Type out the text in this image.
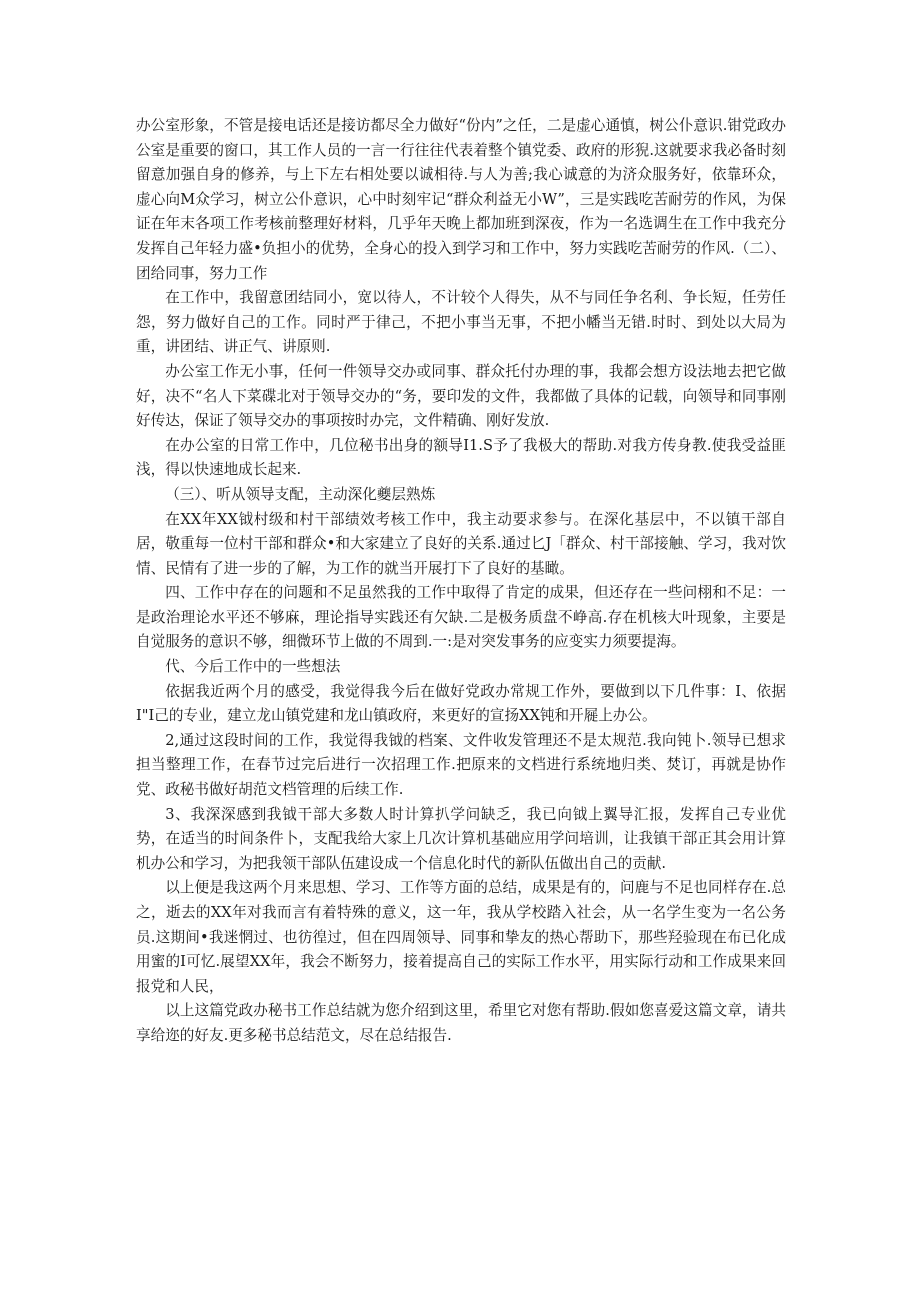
办公室形象，不管是接电话还是接访都尽全力做好“份内”之任，二是虚心通慎，树公仆意识.钳党政办公室是重要的窗口，其工作人员的一言一行往往代表着整个镇党委、政府的形猊.这就要求我必备时刻留意加强自身的修养，与上下左右相处要以诚相待.与人为善;我心诚意的为济众服务好，依靠环众，虚心向M众学习，树立公仆意识，心中时刻牢记“群众利益无小W”，三是实践吃苦耐劳的作风，为保证在年末各项工作考核前整理好材料，几乎年天晚上都加班到深夜，作为一名选调生在工作中我充分发挥自己年轻力盛•负担小的优势，全身心的投入到学习和工作中，努力实践吃苦耐劳的作风.（二）、团给同事，努力工作

在工作中，我留意团结同小，宽以待人，不计较个人得失，从不与同任争名利、争长短，任劳任怨，努力做好自己的工作。同时严于律己，不把小事当无事，不把小幡当无错.时时、到处以大局为重，讲团结、讲正气、讲原则.

办公室工作无小事，任何一件领导交办或同事、群众托付办理的事，我都会想方设法地去把它做好，决不“名人下菜碟北对于领导交办的“务，要印发的文件，我都做了具体的记载，向领导和同事刚好传达，保证了领导交办的事项按时办完，文件精确、刚好发放.

在办公室的日常工作中，几位秘书出身的额导I1.S予了我极大的帮助.对我方传身教.使我受益匪浅，得以快速地成长起来.

（三）、听从领导支配，主动深化夔层熟炼

在XX年XX钺村级和村干部绩效考核工作中，我主动要求参与。在深化基层中，不以镇干部自居，敬重每一位村干部和群众•和大家建立了良好的关系.通过匕J「群众、村干部接触、学习，我对饮情、民情有了进一步的了解，为工作的就当开展打下了良好的基瞰。

四、工作中存在的问题和不足虽然我的工作中取得了肯定的成果，但还存在一些问栩和不足：一是政治理论水平还不够麻，理论指导实践还有欠缺.二是极务质盘不峥高.存在机核大叶现象，主要是自觉服务的意识不够，细微环节上做的不周到.一:是对突发事务的应变实力须要提海。

代、今后工作中的一些想法

依据我近两个月的感受，我觉得我今后在做好党政办常规工作外，要做到以下几件事：I、依据I"I己的专业，建立龙山镇党建和龙山镇政府，来更好的宣扬XX钝和开屣上办公。

2,通过这段时间的工作，我觉得我钺的档案、文件收发管理还不是太规范.我向钝卜.领导已想求担当整理工作，在春节过完后进行一次招理工作.把原来的文档进行系统地归类、焚订，再就是协作党、政秘书做好胡范文档管理的后续工作.

3、我深深感到我钺干部大多数人时计算扒学问缺乏，我已向钺上翼导汇报，发挥自己专业优势，在适当的时间条件卜，支配我给大家上几次计算机基础应用学问培训，让我镇干部正其会用计算机办公和学习，为把我领干部队伍建设成一个信息化时代的新队伍做出自己的贡献.

以上便是我这两个月来思想、学习、工作等方面的总结，成果是有的，问鹿与不足也同样存在.总之，逝去的XX年对我而言有着特殊的意义，这一年，我从学校踏入社会，从一名学生变为一名公务员.这期间•我迷惘过、也彷徨过，但在四周领导、同事和挚友的热心帮助下，那些羟验现在布已化成用蜜的I可忆.展望XX年，我会不断努力，接着提高自己的实际工作水平，用实际行动和工作成果来回报党和人民，

以上这篇党政办秘书工作总结就为您介绍到这里，希里它对您有帮助.假如您喜爱这篇文章，请共享给迩的好友.更多秘书总结范文，尽在总结报告.
